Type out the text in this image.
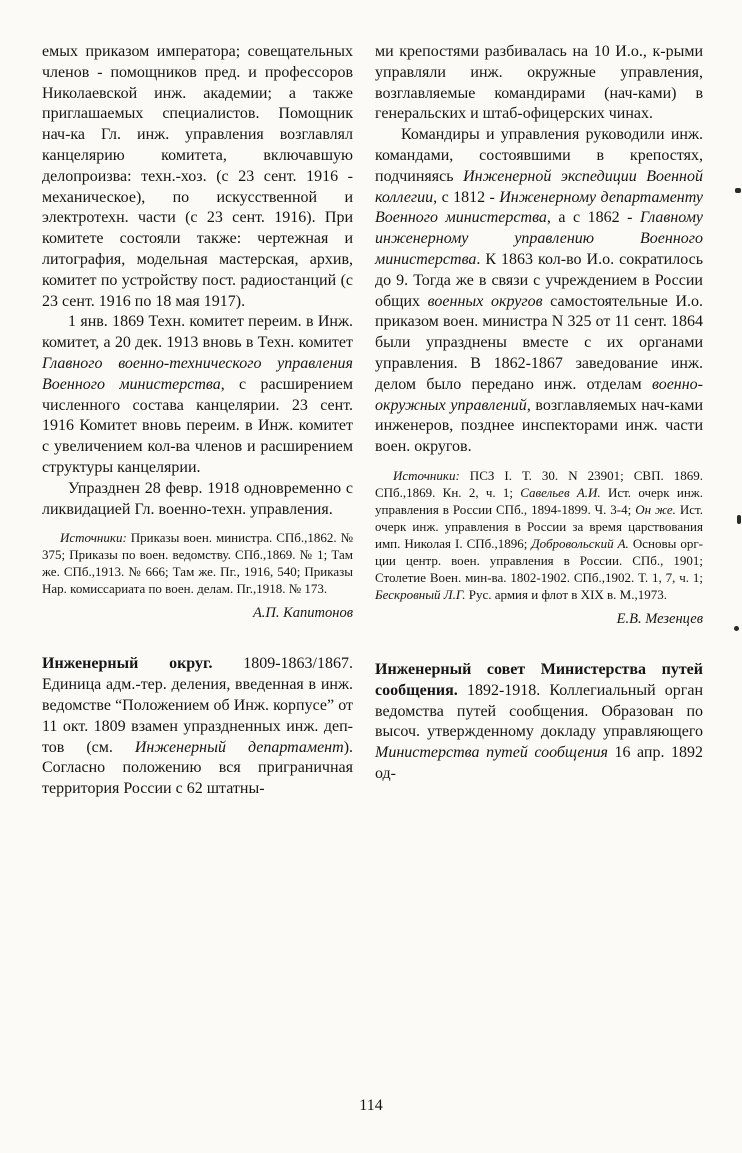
емых приказом императора; совещательных членов - помощников пред. и профессоров Николаевской инж. академии; а также приглашаемых специалистов. Помощник нач-ка Гл. инж. управления возглавлял канцелярию комитета, включавшую делопроизва: техн.-хоз. (с 23 сент. 1916 - механическое), по искусственной и электротехн. части (с 23 сент. 1916). При комитете состояли также: чертежная и литография, модельная мастерская, архив, комитет по устройству пост. радиостанций (с 23 сент. 1916 по 18 мая 1917).

1 янв. 1869 Техн. комитет переим. в Инж. комитет, а 20 дек. 1913 вновь в Техн. комитет Главного военно-технического управления Военного министерства, с расширением численного состава канцелярии. 23 сент. 1916 Комитет вновь переим. в Инж. комитет с увеличением кол-ва членов и расширением структуры канцелярии.

Упразднен 28 февр. 1918 одновременно с ликвидацией Гл. военно-техн. управления.

Источники: Приказы воен. министра. СПб.,1862. № 375; Приказы по воен. ведомству. СПб.,1869. № 1; Там же. СПб.,1913. № 666; Там же. Пг., 1916, 540; Приказы Нар. комиссариата по воен. делам. Пг.,1918. № 173.

А.П. Капитонов

Инженерный округ. 1809-1863/1867. Единица адм.-тер. деления, введенная в инж. ведомстве “Положением об Инж. корпусе” от 11 окт. 1809 взамен упраздненных инж. деп-тов (см. Инженерный департамент). Согласно положению вся приграничная территория России с 62 штатны-

ми крепостями разбивалась на 10 И.о., к-рыми управляли инж. окружные управления, возглавляемые командирами (нач-ками) в генеральских и штаб-офицерских чинах.

Командиры и управления руководили инж. командами, состоявшими в крепостях, подчиняясь Инженерной экспедиции Военной коллегии, с 1812 - Инженерному департаменту Военного министерства, а с 1862 - Главному инженерному управлению Военного министерства. К 1863 кол-во И.о. сократилось до 9. Тогда же в связи с учреждением в России общих военных округов самостоятельные И.о. приказом воен. министра N 325 от 11 сент. 1864 были упразднены вместе с их органами управления. В 1862-1867 заведование инж. делом было передано инж. отделам военно-окружных управлений, возглавляемых нач-ками инженеров, позднее инспекторами инж. части воен. округов.

Источники: ПСЗ I. Т. 30. N 23901; СВП. 1869. СПб.,1869. Кн. 2, ч. 1; Савельев А.И. Ист. очерк инж. управления в России СПб., 1894-1899. Ч. 3-4; Он же. Ист. очерк инж. управления в России за время царствования имп. Николая I. СПб.,1896; Добровольский А. Основы орг-ции центр. воен. управления в России. СПб., 1901; Столетие Воен. мин-ва. 1802-1902. СПб.,1902. Т. 1, 7, ч. 1; Бескровный Л.Г. Рус. армия и флот в XIX в. М.,1973.

Е.В. Мезенцев

Инженерный совет Министерства путей сообщения. 1892-1918. Коллегиальный орган ведомства путей сообщения. Образован по высоч. утвержденному докладу управляющего Министерства путей сообщения 16 апр. 1892 од-

114
